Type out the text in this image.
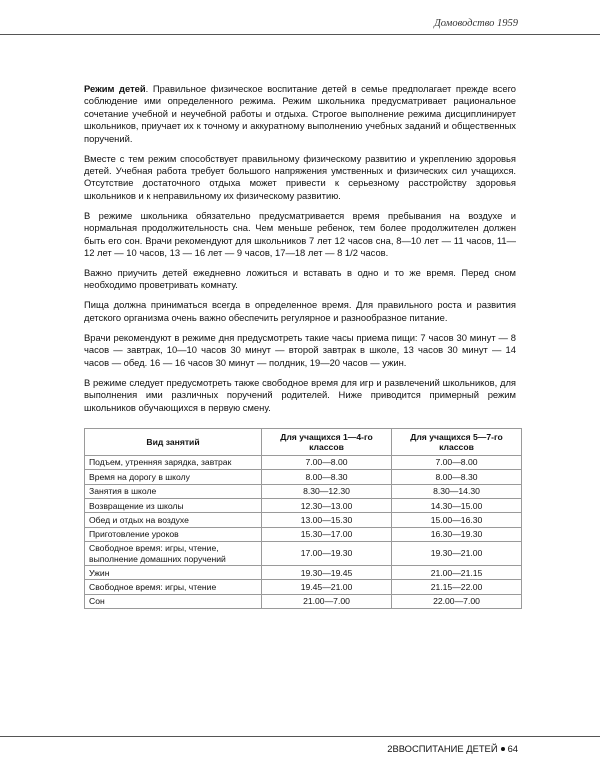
Домоводство 1959

Режим детей. Правильное физическое воспитание детей в семье предполагает прежде всего соблюдение ими определенного режима. Режим школьника предусматривает рациональное сочетание учебной и неучебной работы и отдыха. Строгое выполнение режима дисциплинирует школьников, приучает их к точному и аккуратному выполнению учебных заданий и общественных поручений.

Вместе с тем режим способствует правильному физическому развитию и укреплению здоровья детей. Учебная работа требует большого напряжения умственных и физических сил учащихся. Отсутствие достаточного отдыха может привести к серьезному расстройству здоровья школьников и к неправильному их физическому развитию.

В режиме школьника обязательно предусматривается время пребывания на воздухе и нормальная продолжительность сна. Чем меньше ребенок, тем более продолжителен должен быть его сон. Врачи рекомендуют для школьников 7 лет 12 часов сна, 8—10 лет — 11 часов, 11—12 лет — 10 часов, 13 — 16 лет — 9 часов, 17—18 лет — 8 1/2 часов.

Важно приучить детей ежедневно ложиться и вставать в одно и то же время. Перед сном необходимо проветривать комнату.

Пища должна приниматься всегда в определенное время. Для правильного роста и развития детского организма очень важно обеспечить регулярное и разнообразное питание.

Врачи рекомендуют в режиме дня предусмотреть такие часы приема пищи: 7 часов 30 минут — 8 часов — завтрак, 10—10 часов 30 минут — второй завтрак в школе, 13 часов 30 минут — 14 часов — обед. 16 — 16 часов 30 минут — полдник, 19—20 часов — ужин.

В режиме следует предусмотреть также свободное время для игр и развлечений школьников, для выполнения ими различных поручений родителей. Ниже приводится примерный режим школьников обучающихся в первую смену.

Вид занятий	Для учащихся 1—4-го классов	Для учащихся 5—7-го классов
Подъем, утренняя зарядка, завтрак	7.00—8.00	7.00—8.00
Время на дорогу в школу	8.00—8.30	8.00—8.30
Занятия в школе	8.30—12.30	8.30—14.30
Возвращение из школы	12.30—13.00	14.30—15.00
Обед и отдых на воздухе	13.00—15.30	15.00—16.30
Приготовление уроков	15.30—17.00	16.30—19.30
Свободное время: игры, чтение, выполнение домашних поручений	17.00—19.30	19.30—21.00
Ужин	19.30—19.45	21.00—21.15
Свободное время: игры, чтение	19.45—21.00	21.15—22.00
Сон	21.00—7.00	22.00—7.00
2ВВОСПИТАНИЕ ДЕТЕЙ 64
